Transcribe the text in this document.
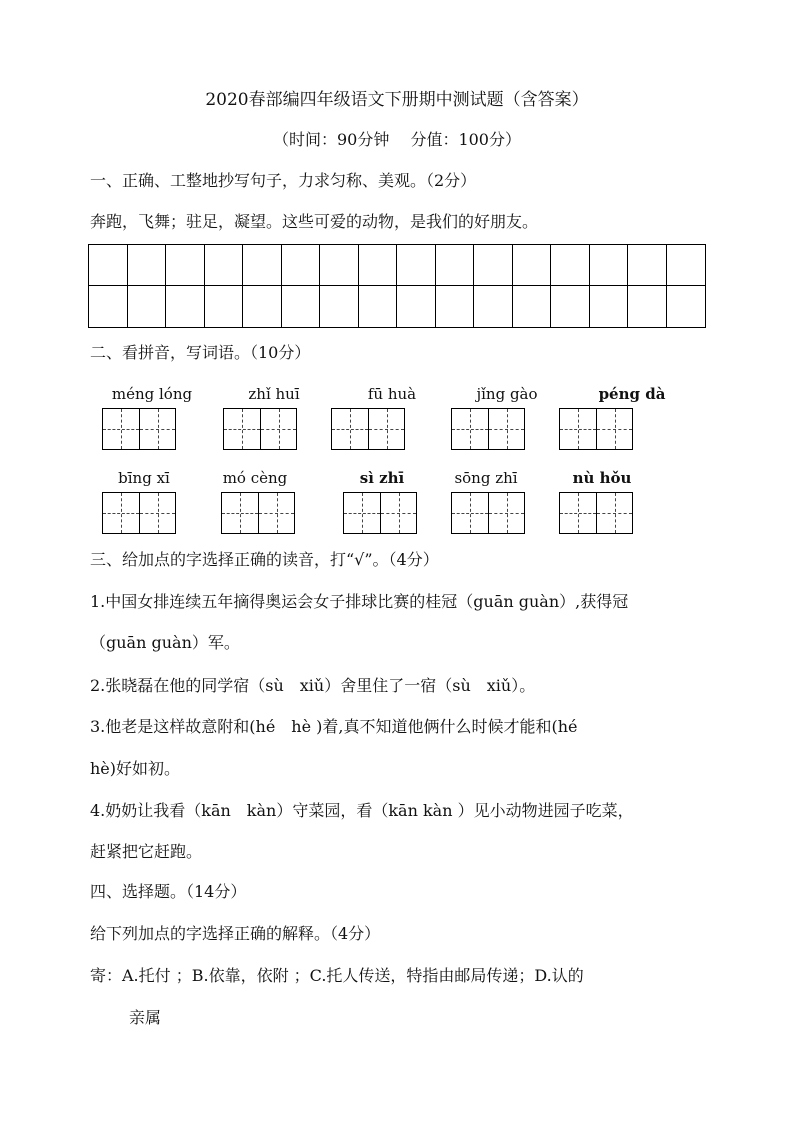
2020春部编四年级语文下册期中测试题（含答案）
（时间：90分钟　 分值：100分）
一、正确、工整地抄写句子，力求匀称、美观。（2分）
奔跑，飞舞；驻足，凝望。这些可爱的动物，是我们的好朋友。
二、看拼音，写词语。（10分）
méng lóng	zhǐ huī	fū huà	jǐng gào	péng dà
bīng xī	mó cèng	sì zhī	sōng zhī	nù hǒu
三、给加点的字选择正确的读音，打“√”。（4分）
1.中国女排连续五年摘得奥运会女子排球比赛的桂冠（guān guàn）,获得冠
（guān guàn）军。
2.张晓磊在他的同学宿（sù　xiǔ）舍里住了一宿（sù　xiǔ）。
3.他老是这样故意附和(hé　hè )着,真不知道他俩什么时候才能和(hé
hè)好如初。
4.奶奶让我看（kān　kàn）守菜园，看（kān kàn ）见小动物进园子吃菜，
赶紧把它赶跑。
四、选择题。（14分）
给下列加点的字选择正确的解释。（4分）
寄：A.托付 ；B.依靠，依附 ；C.托人传送，特指由邮局传递；D.认的
亲属
